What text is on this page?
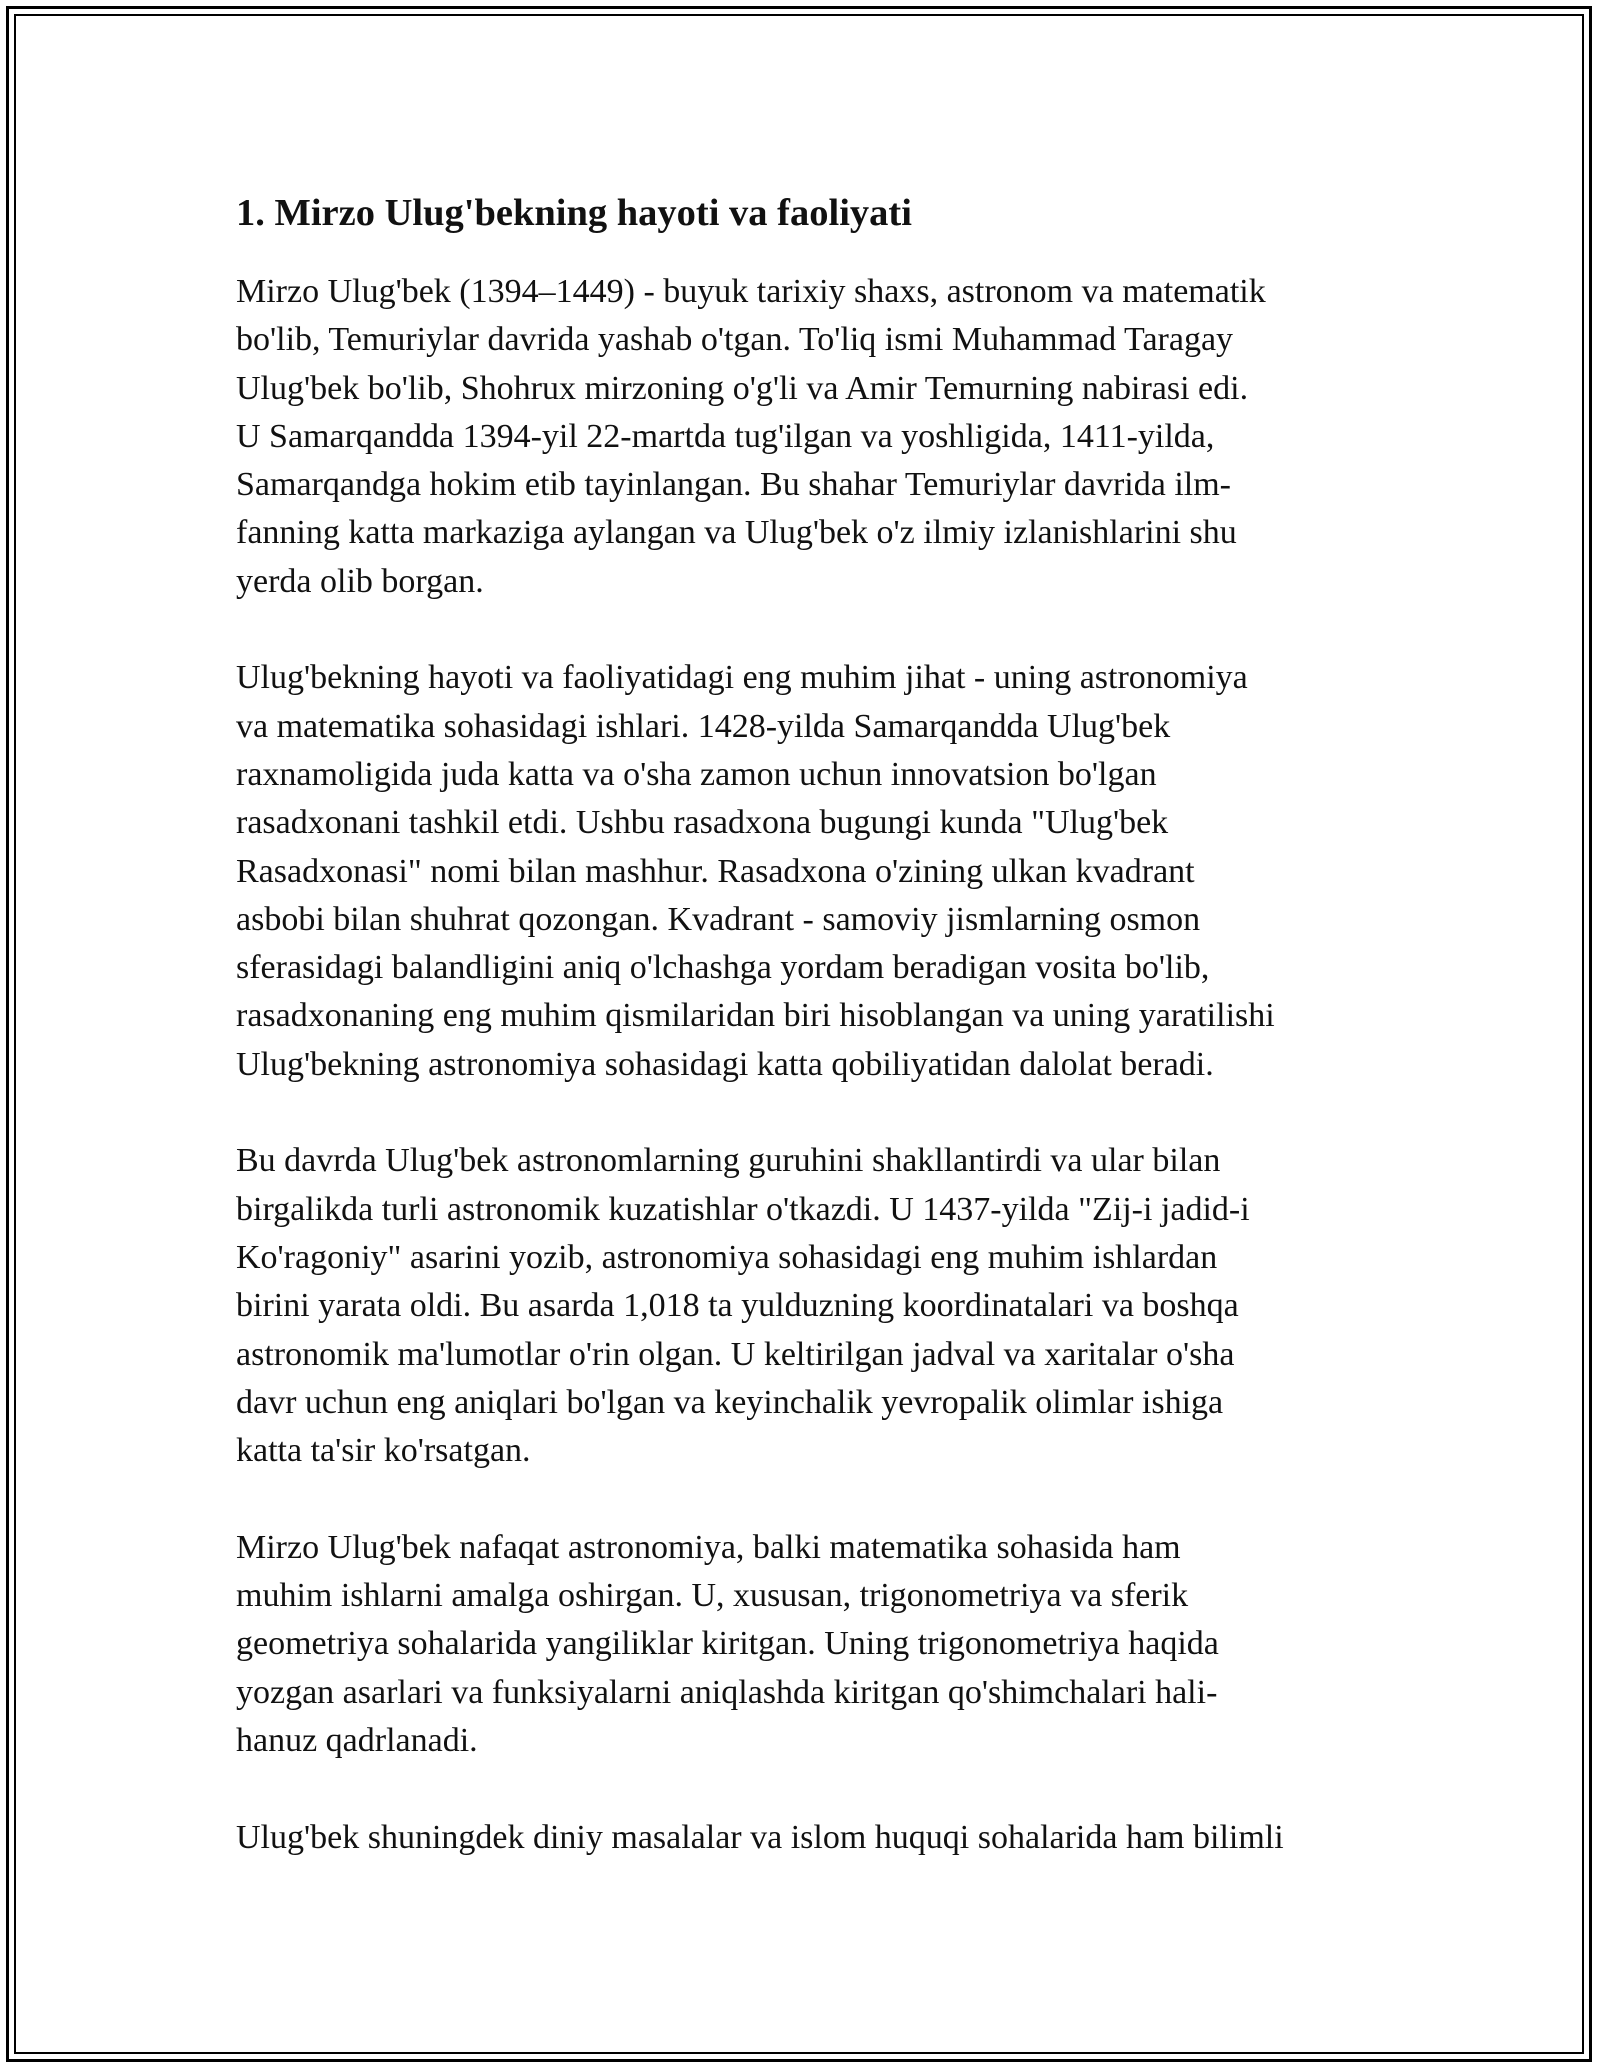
1. Mirzo Ulug'bekning hayoti va faoliyati
Mirzo Ulug'bek (1394–1449) - buyuk tarixiy shaxs, astronom va matematik
bo'lib, Temuriylar davrida yashab o'tgan. To'liq ismi Muhammad Taragay
Ulug'bek bo'lib, Shohrux mirzoning o'g'li va Amir Temurning nabirasi edi.
U Samarqandda 1394-yil 22-martda tug'ilgan va yoshligida, 1411-yilda,
Samarqandga hokim etib tayinlangan. Bu shahar Temuriylar davrida ilm-
fanning katta markaziga aylangan va Ulug'bek o'z ilmiy izlanishlarini shu
yerda olib borgan.
Ulug'bekning hayoti va faoliyatidagi eng muhim jihat - uning astronomiya
va matematika sohasidagi ishlari. 1428-yilda Samarqandda Ulug'bek
raxnamoligida juda katta va o'sha zamon uchun innovatsion bo'lgan
rasadxonani tashkil etdi. Ushbu rasadxona bugungi kunda "Ulug'bek
Rasadxonasi" nomi bilan mashhur. Rasadxona o'zining ulkan kvadrant
asbobi bilan shuhrat qozongan. Kvadrant - samoviy jismlarning osmon
sferasidagi balandligini aniq o'lchashga yordam beradigan vosita bo'lib,
rasadxonaning eng muhim qismilaridan biri hisoblangan va uning yaratilishi
Ulug'bekning astronomiya sohasidagi katta qobiliyatidan dalolat beradi.
Bu davrda Ulug'bek astronomlarning guruhini shakllantirdi va ular bilan
birgalikda turli astronomik kuzatishlar o'tkazdi. U 1437-yilda "Zij-i jadid-i
Ko'ragoniy" asarini yozib, astronomiya sohasidagi eng muhim ishlardan
birini yarata oldi. Bu asarda 1,018 ta yulduzning koordinatalari va boshqa
astronomik ma'lumotlar o'rin olgan. U keltirilgan jadval va xaritalar o'sha
davr uchun eng aniqlari bo'lgan va keyinchalik yevropalik olimlar ishiga
katta ta'sir ko'rsatgan.
Mirzo Ulug'bek nafaqat astronomiya, balki matematika sohasida ham
muhim ishlarni amalga oshirgan. U, xususan, trigonometriya va sferik
geometriya sohalarida yangiliklar kiritgan. Uning trigonometriya haqida
yozgan asarlari va funksiyalarni aniqlashda kiritgan qo'shimchalari hali-
hanuz qadrlanadi.
Ulug'bek shuningdek diniy masalalar va islom huquqi sohalarida ham bilimli
